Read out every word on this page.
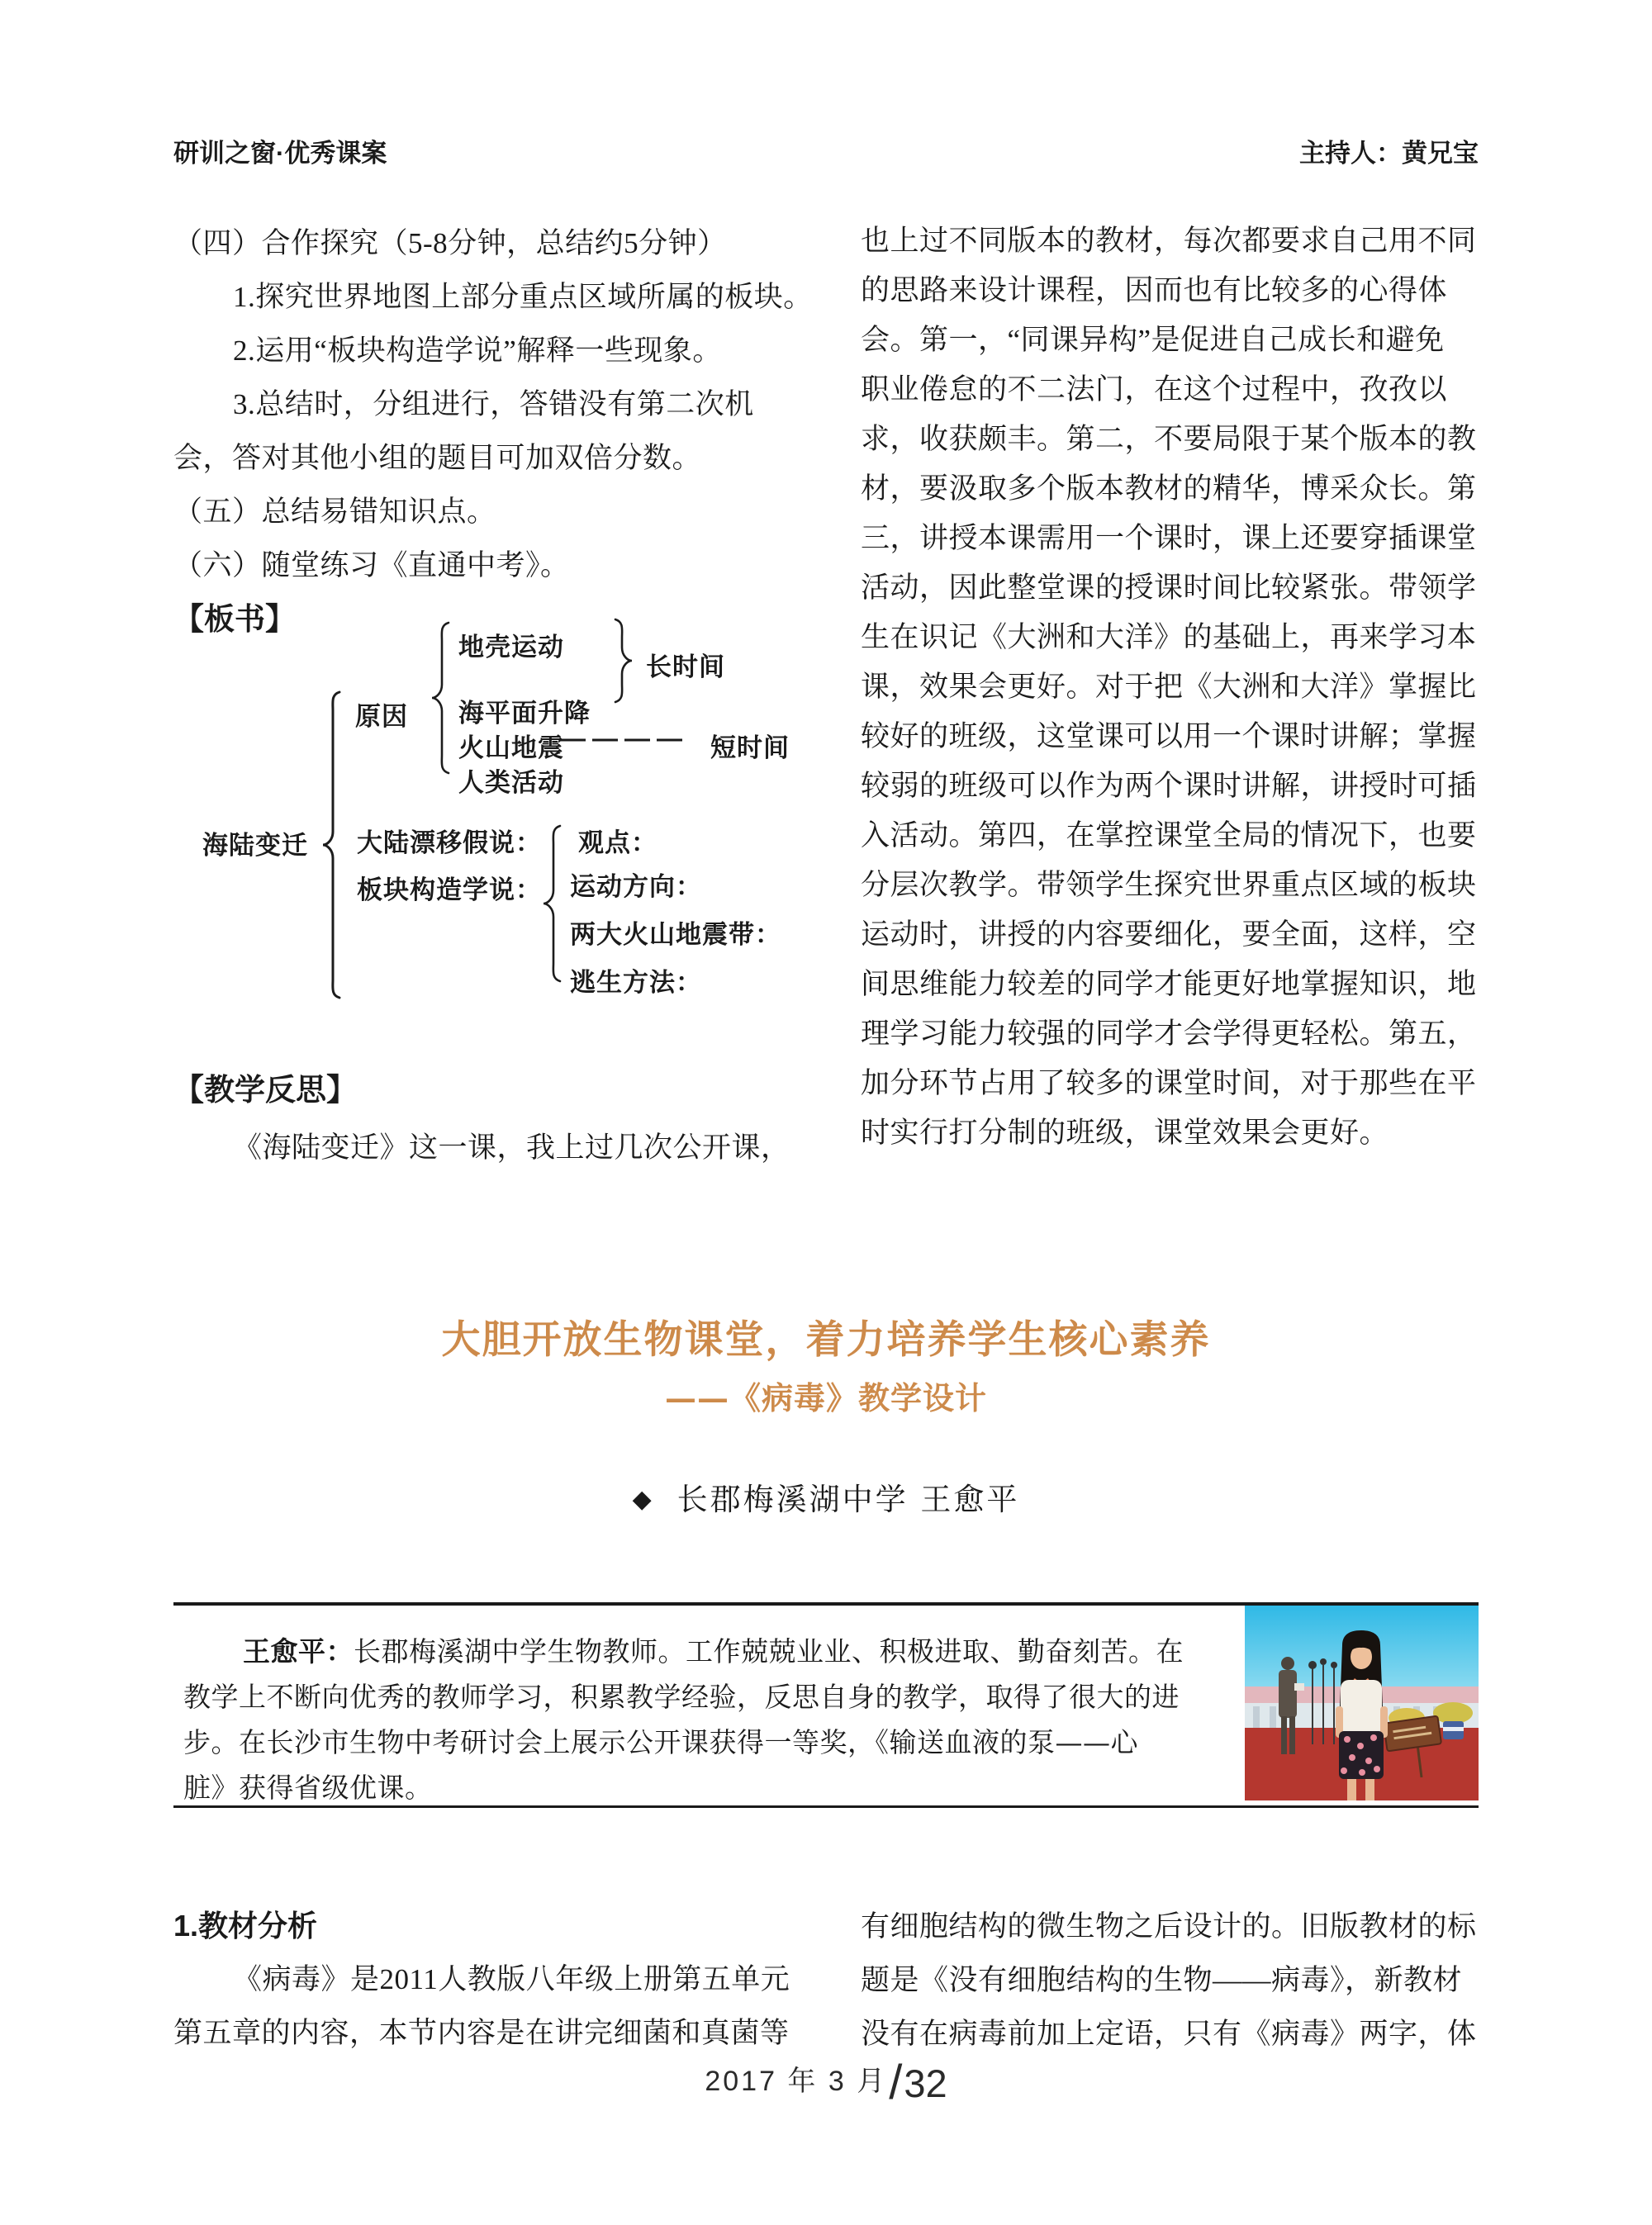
研训之窗·优秀课案	主持人：黄兄宝
（四）合作探究（5-8分钟，总结约5分钟）
1.探究世界地图上部分重点区域所属的板块。
2.运用“板块构造学说”解释一些现象。
3.总结时，分组进行，答错没有第二次机
会，答对其他小组的题目可加双倍分数。
（五）总结易错知识点。
（六）随堂练习《直通中考》。
【板书】
海陆变迁
原因
地壳运动
海平面升降
火山地震
人类活动
长时间
———— 短时间
大陆漂移假说：
板块构造学说：
观点：
运动方向：
两大火山地震带：
逃生方法：
【教学反思】
《海陆变迁》这一课，我上过几次公开课，
也上过不同版本的教材，每次都要求自己用不同
的思路来设计课程，因而也有比较多的心得体
会。第一，“同课异构”是促进自己成长和避免
职业倦怠的不二法门，在这个过程中，孜孜以
求，收获颇丰。第二，不要局限于某个版本的教
材，要汲取多个版本教材的精华，博采众长。第
三，讲授本课需用一个课时，课上还要穿插课堂
活动，因此整堂课的授课时间比较紧张。带领学
生在识记《大洲和大洋》的基础上，再来学习本
课，效果会更好。对于把《大洲和大洋》掌握比
较好的班级，这堂课可以用一个课时讲解；掌握
较弱的班级可以作为两个课时讲解，讲授时可插
入活动。第四，在掌控课堂全局的情况下，也要
分层次教学。带领学生探究世界重点区域的板块
运动时，讲授的内容要细化，要全面，这样，空
间思维能力较差的同学才能更好地掌握知识，地
理学习能力较强的同学才会学得更轻松。第五，
加分环节占用了较多的课堂时间，对于那些在平
时实行打分制的班级，课堂效果会更好。
大胆开放生物课堂，着力培养学生核心素养
——《病毒》教学设计
◆ 长郡梅溪湖中学 王愈平
王愈平：长郡梅溪湖中学生物教师。工作兢兢业业、积极进取、勤奋刻苦。在
教学上不断向优秀的教师学习，积累教学经验，反思自身的教学，取得了很大的进
步。在长沙市生物中考研讨会上展示公开课获得一等奖，《输送血液的泵——心
脏》获得省级优课。
1.教材分析
《病毒》是2011人教版八年级上册第五单元
第五章的内容，本节内容是在讲完细菌和真菌等
有细胞结构的微生物之后设计的。旧版教材的标
题是《没有细胞结构的生物——病毒》，新教材
没有在病毒前加上定语，只有《病毒》两字，体
2017 年 3 月/32
